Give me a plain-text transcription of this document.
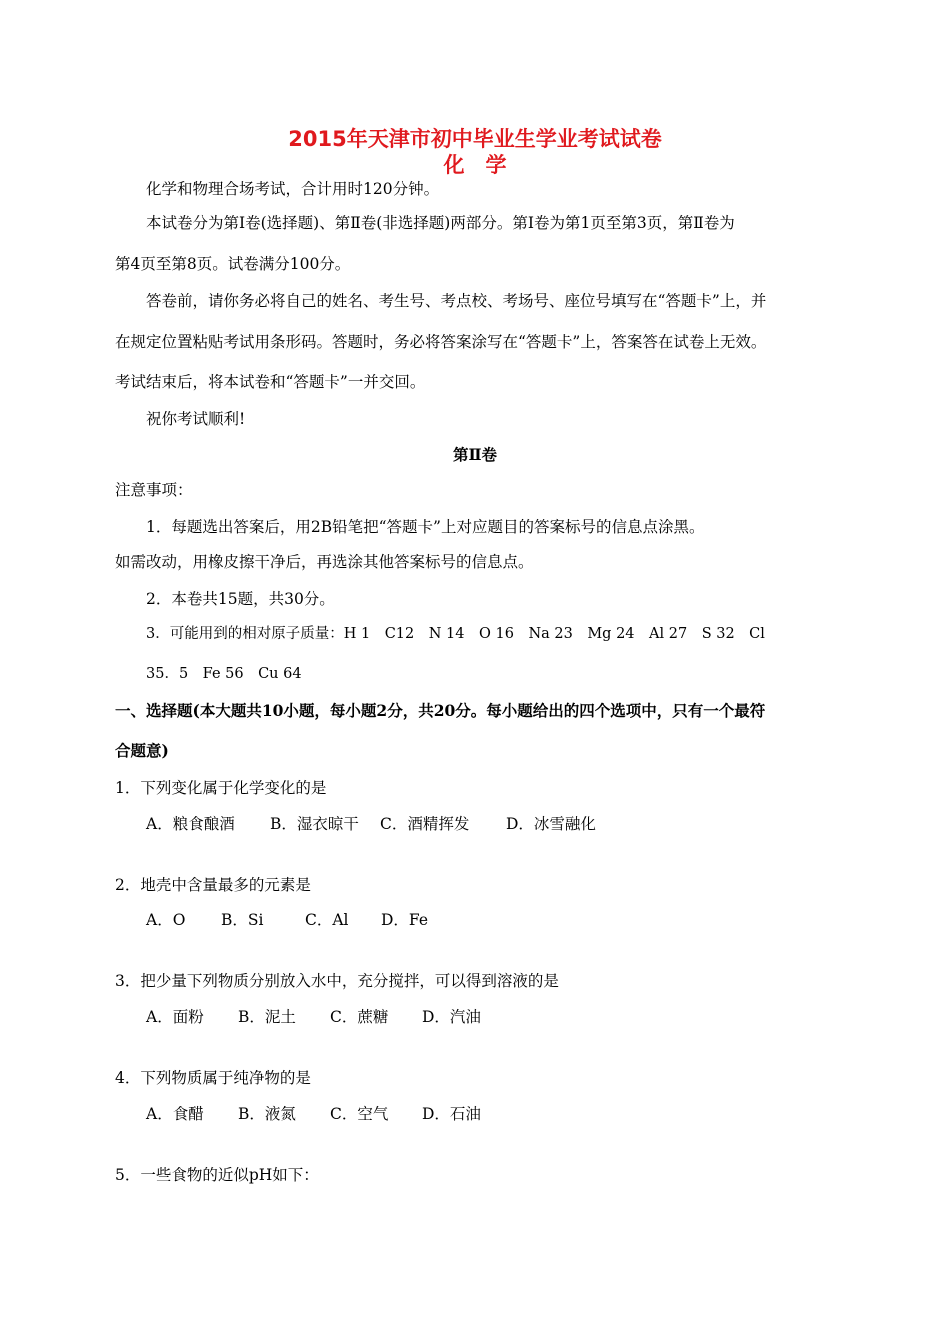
2015年天津市初中毕业生学业考试试卷
化　学
化学和物理合场考试，合计用时120分钟。
本试卷分为第Ⅰ卷(选择题)、第Ⅱ卷(非选择题)两部分。第Ⅰ卷为第1页至第3页，第Ⅱ卷为
第4页至第8页。试卷满分100分。
答卷前，请你务必将自己的姓名、考生号、考点校、考场号、座位号填写在“答题卡”上，并
在规定位置粘贴考试用条形码。答题时，务必将答案涂写在“答题卡”上，答案答在试卷上无效。
考试结束后，将本试卷和“答题卡”一并交回。
祝你考试顺利!
第Ⅱ卷
注意事项：
1．每题选出答案后，用2B铅笔把“答题卡”上对应题目的答案标号的信息点涂黑。
如需改动，用橡皮擦干净后，再选涂其他答案标号的信息点。
2．本卷共15题，共30分。
3．可能用到的相对原子质量：H 1　C12　N 14　O 16　Na 23　Mg 24　Al 27　S 32　Cl
35．5　Fe 56　Cu 64
一、选择题(本大题共10小题，每小题2分，共20分。每小题给出的四个选项中，只有一个最符
合题意)
1．下列变化属于化学变化的是
A．粮食酿酒 B．湿衣晾干 C．酒精挥发 D．冰雪融化
2．地壳中含量最多的元素是
A．O B．Si	C．Al D．Fe
3．把少量下列物质分别放入水中，充分搅拌，可以得到溶液的是
A．面粉 B．泥土 C．蔗糖 D．汽油
4．下列物质属于纯净物的是
A．食醋 B．液氮 C．空气 D．石油
5．一些食物的近似pH如下：
